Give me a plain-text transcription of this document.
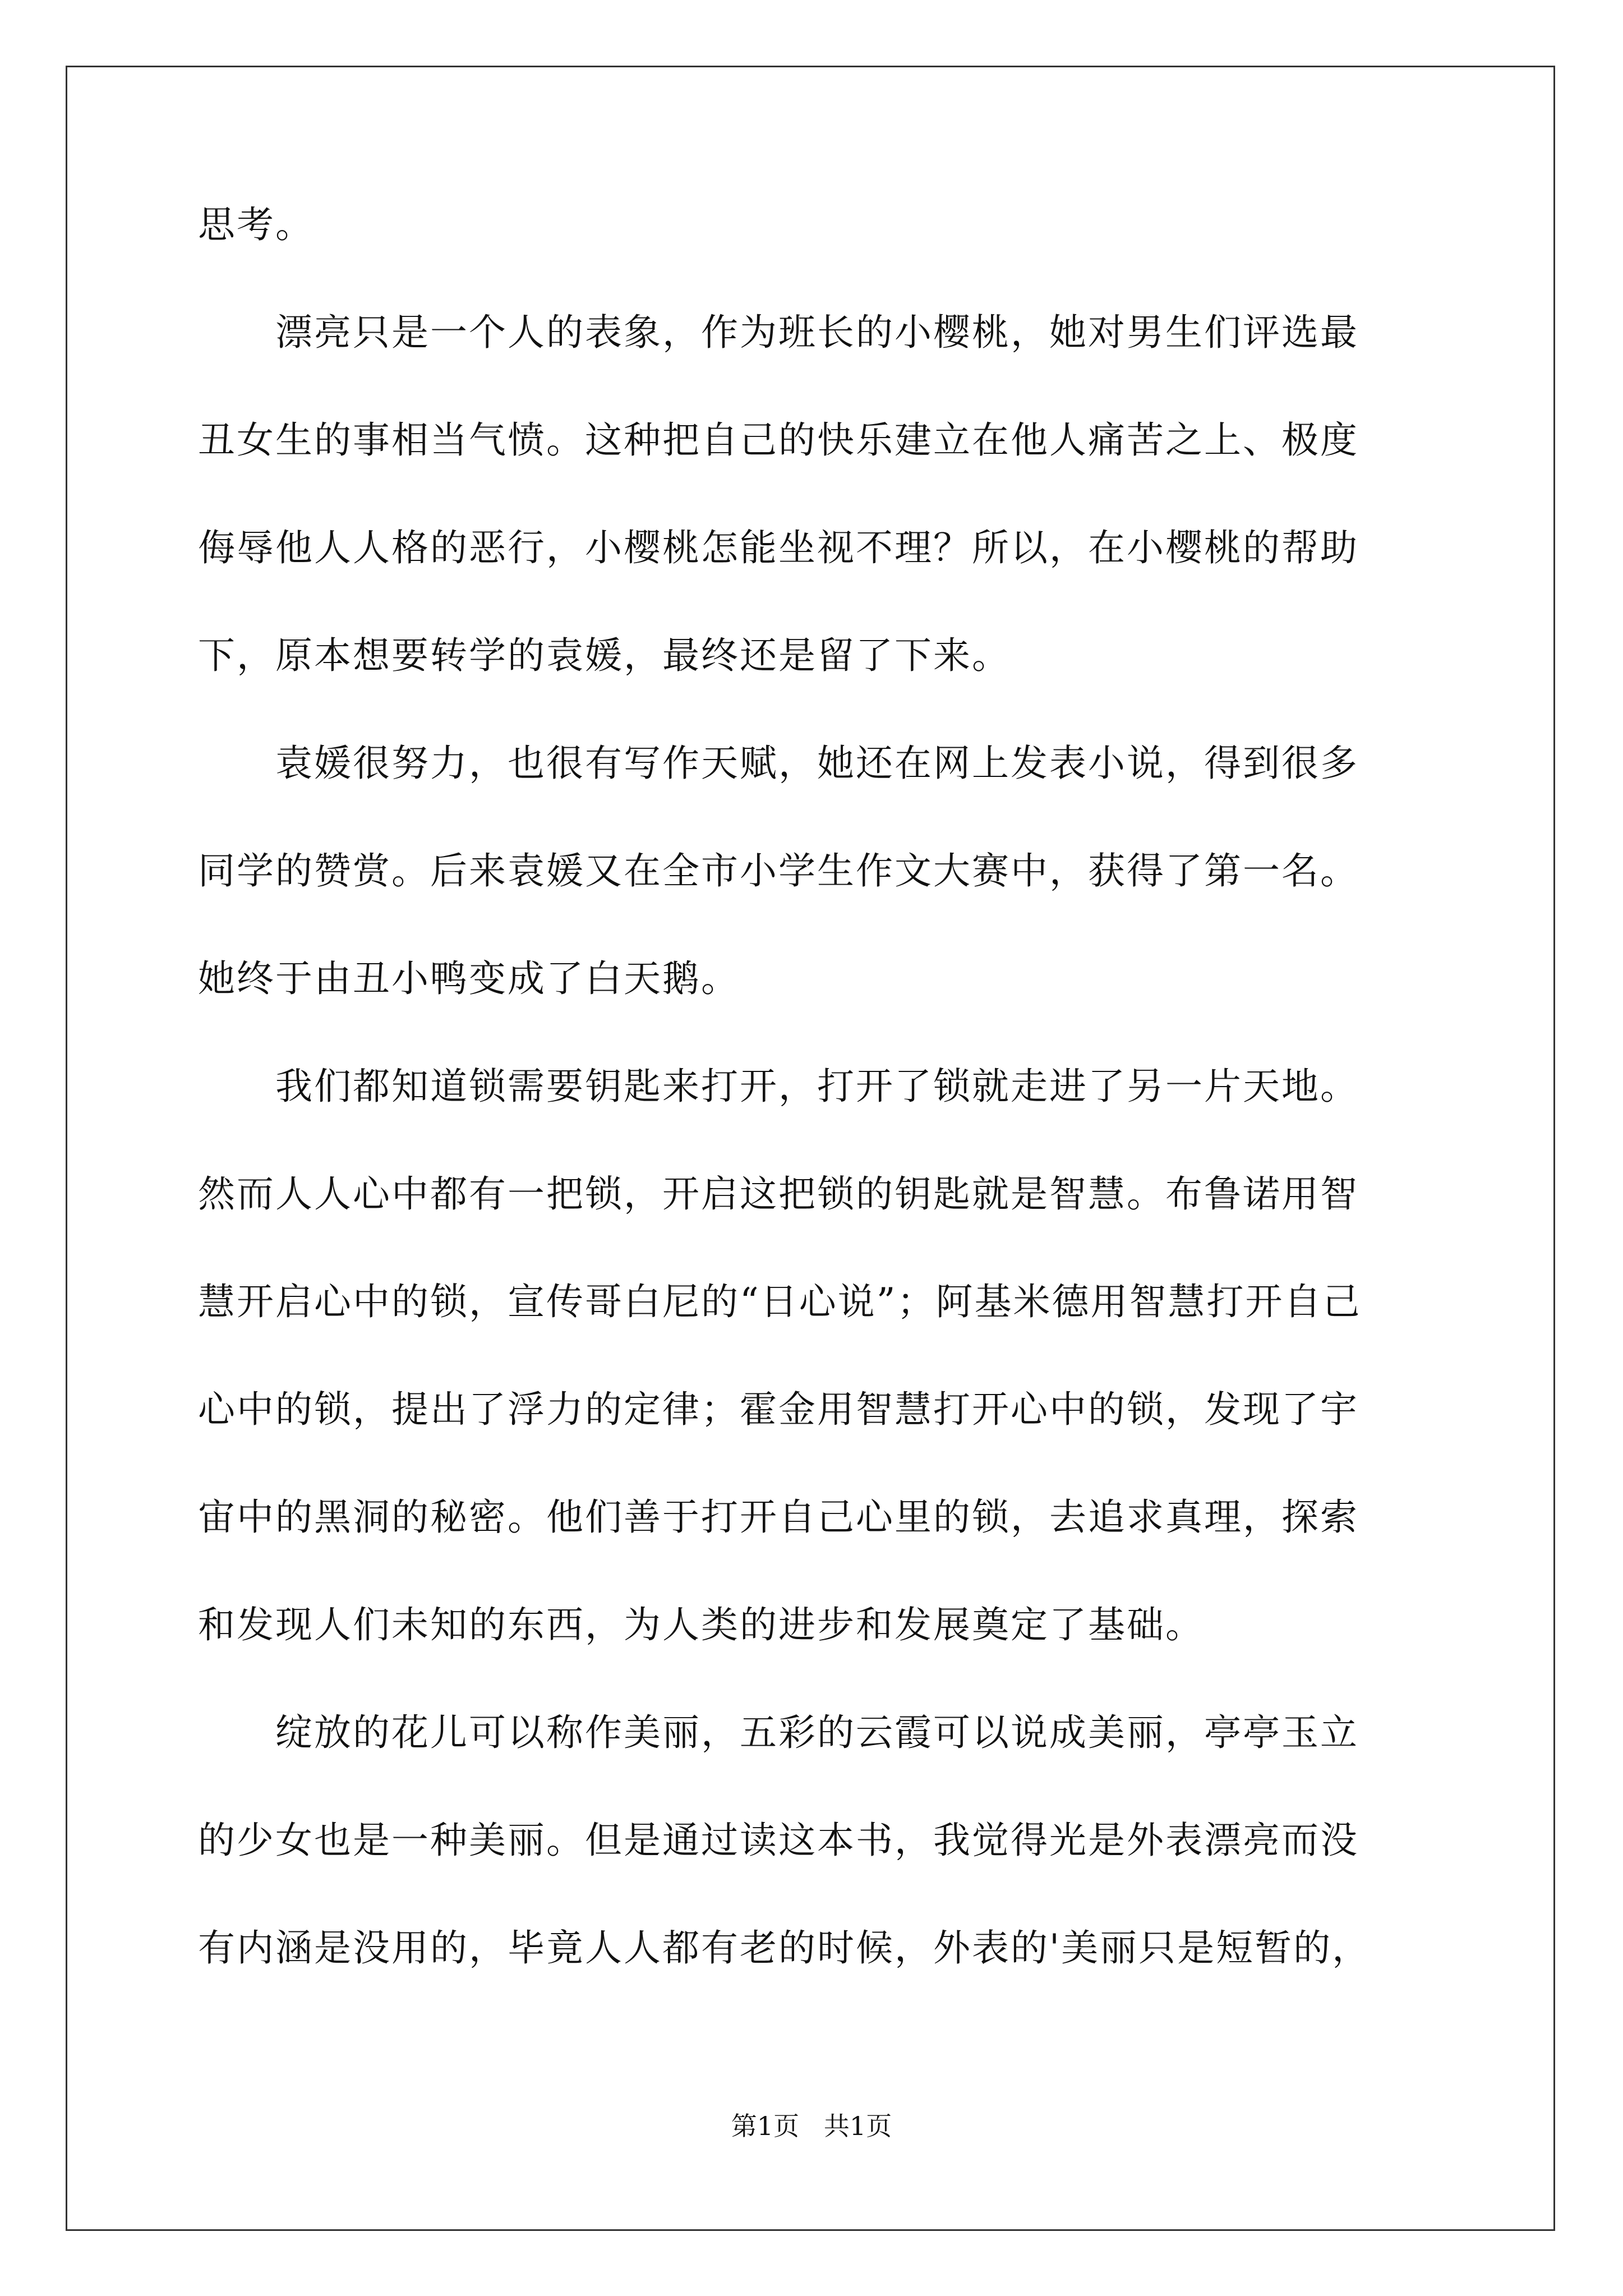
思考。
　　漂亮只是一个人的表象，作为班长的小樱桃，她对男生们评选最
丑女生的事相当气愤。这种把自己的快乐建立在他人痛苦之上、极度
侮辱他人人格的恶行，小樱桃怎能坐视不理？所以，在小樱桃的帮助
下，原本想要转学的袁媛，最终还是留了下来。
　　袁媛很努力，也很有写作天赋，她还在网上发表小说，得到很多
同学的赞赏。后来袁媛又在全市小学生作文大赛中，获得了第一名。
她终于由丑小鸭变成了白天鹅。
　　我们都知道锁需要钥匙来打开，打开了锁就走进了另一片天地。
然而人人心中都有一把锁，开启这把锁的钥匙就是智慧。布鲁诺用智
慧开启心中的锁，宣传哥白尼的“日心说”；阿基米德用智慧打开自己
心中的锁，提出了浮力的定律；霍金用智慧打开心中的锁，发现了宇
宙中的黑洞的秘密。他们善于打开自己心里的锁，去追求真理，探索
和发现人们未知的东西，为人类的进步和发展奠定了基础。
　　绽放的花儿可以称作美丽，五彩的云霞可以说成美丽，亭亭玉立
的少女也是一种美丽。但是通过读这本书，我觉得光是外表漂亮而没
有内涵是没用的，毕竟人人都有老的时候，外表的'美丽只是短暂的，
第1页   共1页
